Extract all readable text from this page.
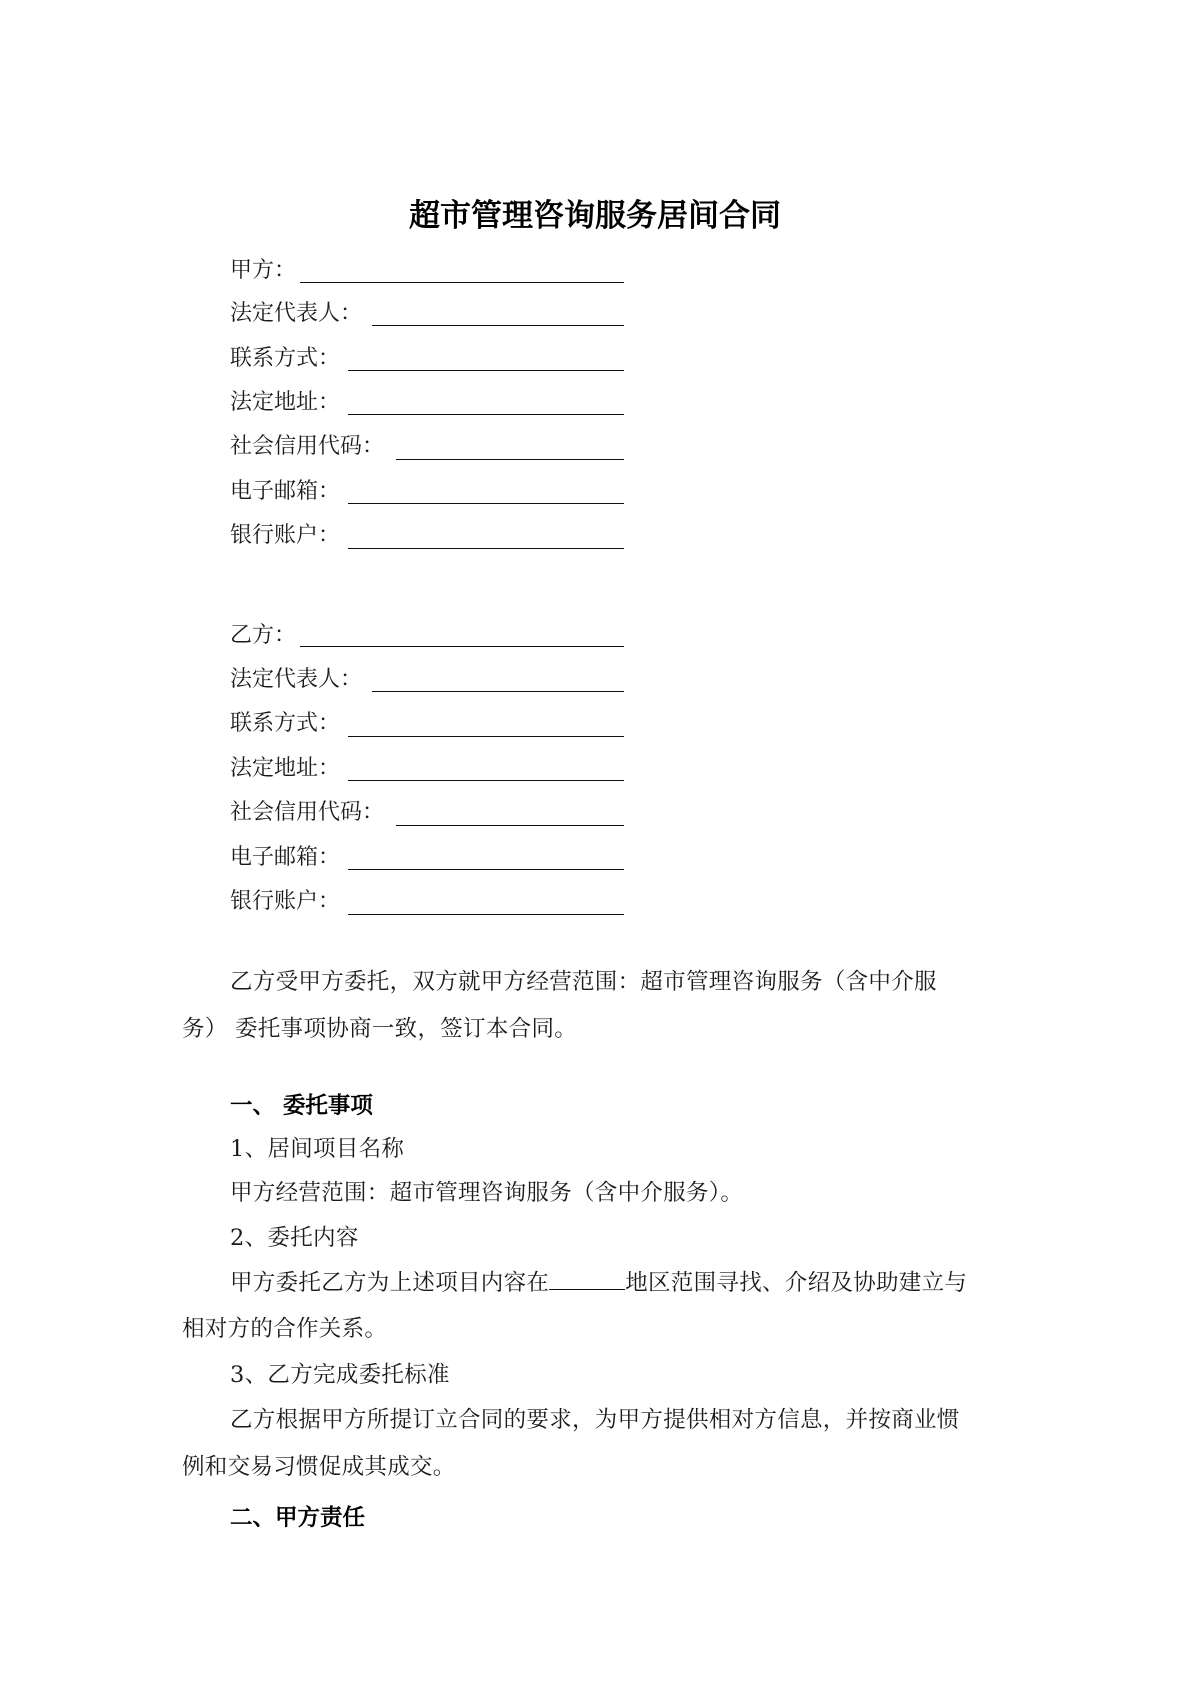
超市管理咨询服务居间合同
甲方：
法定代表人：
联系方式：
法定地址：
社会信用代码：
电子邮箱：
银行账户：
乙方：
法定代表人：
联系方式：
法定地址：
社会信用代码：
电子邮箱：
银行账户：
乙方受甲方委托，双方就甲方经营范围：超市管理咨询服务（含中介服
务） 委托事项协商一致，签订本合同。
一、 委托事项
1、居间项目名称
甲方经营范围：超市管理咨询服务（含中介服务）。
2、委托内容
甲方委托乙方为上述项目内容在	地区范围寻找、介绍及协助建立与
相对方的合作关系。
3、乙方完成委托标准
乙方根据甲方所提订立合同的要求，为甲方提供相对方信息，并按商业惯
例和交易习惯促成其成交。
二、甲方责任
